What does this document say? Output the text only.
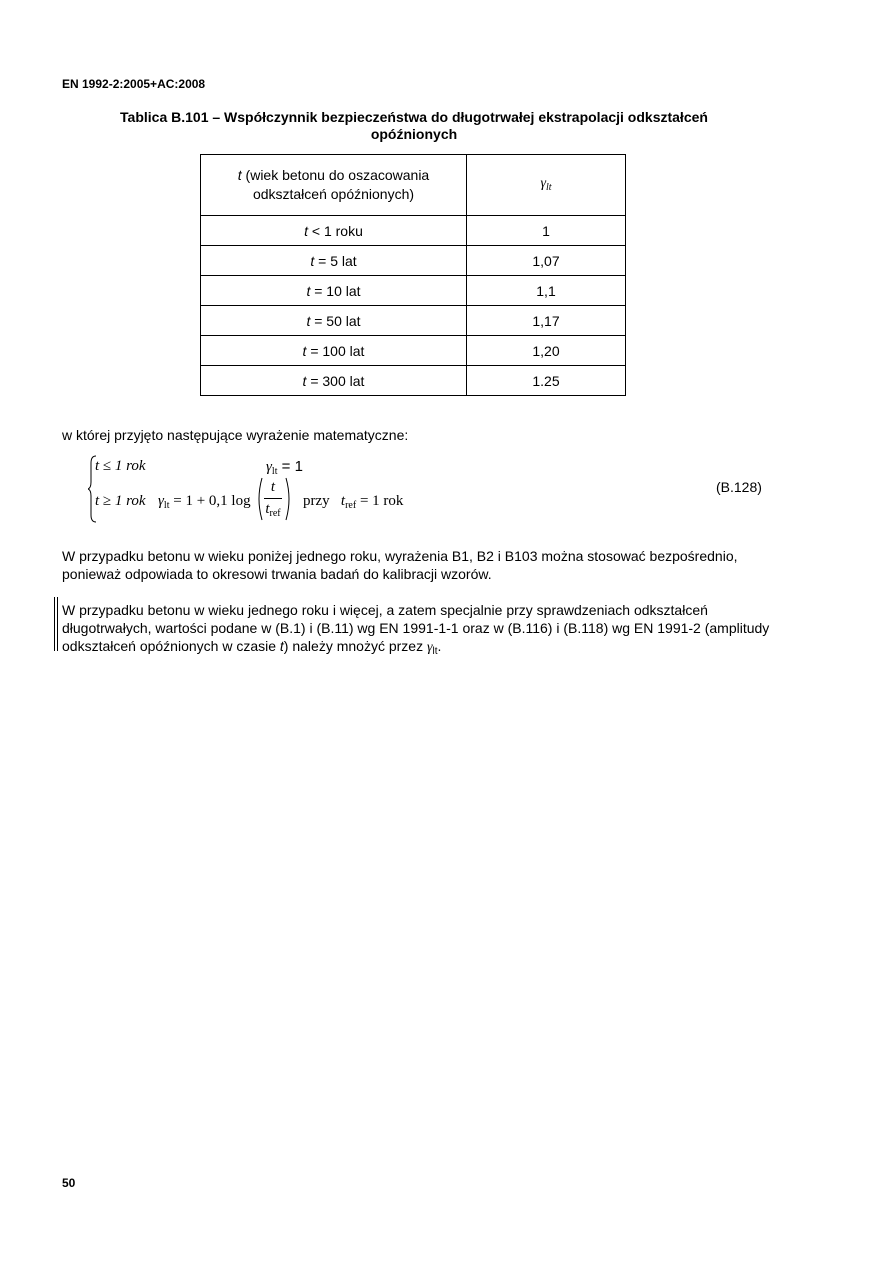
EN 1992-2:2005+AC:2008
Tablica B.101 – Współczynnik bezpieczeństwa do długotrwałej ekstrapolacji odkształceń opóźnionych
t (wiek betonu do oszacowania odkształceń opóźnionych)	$\gamma_{lt}$
t < 1 roku	1
t = 5 lat	1,07
t = 10 lat	1,1
t = 50 lat	1,17
t = 100 lat	1,20
t = 300 lat	1.25
w której przyjęto następujące wyrażenie matematyczne:
t ≤ 1 rok	$\gamma_{lt} = 1$
t ≥ 1 rok $\gamma_{lt} = 1 + 0,1$ log
t
$t_{ref}$
przy $t_{ref} = 1$ rok
(B.128)
W przypadku betonu w wieku poniżej jednego roku, wyrażenia B1, B2 i B103 można stosować bezpośrednio, ponieważ odpowiada to okresowi trwania badań do kalibracji wzorów.
W przypadku betonu w wieku jednego roku i więcej, a zatem specjalnie przy sprawdzeniach odkształceń długotrwałych, wartości podane w (B.1) i (B.11) wg EN 1991-1-1 oraz w (B.116) i (B.118) wg EN 1991-2 (amplitudy odkształceń opóźnionych w czasie t) należy mnożyć przez $\gamma_{lt}$.
50
